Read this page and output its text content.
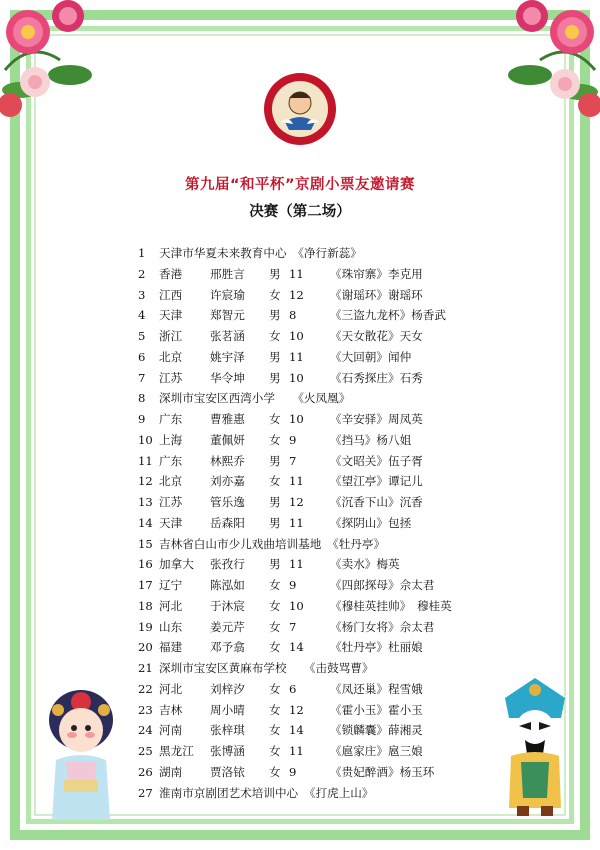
第九届“和平杯”京剧小票友邀请赛
决赛（第二场）
1	天津市华夏未来教育中心　《净行新蕊》
2	香港 邢胜言 男 11 《珠帘寨》李克用
3	江西 许宸瑜 女 12 《谢瑶环》谢瑶环
4	天津 郑智元 男 8	《三盗九龙杯》杨香武
5	浙江 张茗涵 女 10 《天女散花》天女
6	北京 姚宇泽 男 11 《大回朝》闻仲
7	江苏 华令坤 男 10 《石秀探庄》石秀
8	深圳市宝安区西湾小学　　《火凤凰》
9	广东 曹雅惠 女 10 《辛安驿》周凤英
10 上海 董佩妍 女 9	《挡马》杨八姐
11 广东 林熙乔 男 7	《文昭关》伍子胥
12 北京 刘亦嘉 女 11 《望江亭》谭记儿
13 江苏 管乐逸 男 12 《沉香下山》沉香
14 天津 岳森阳 男 11 《探阴山》包拯
15 吉林省白山市少儿戏曲培训基地　《牡丹亭》
16 加拿大 张孜行 男 11 《卖水》梅英
17 辽宁 陈泓如 女 9	《四郎探母》佘太君
18 河北 于沐宸 女 10 《穆桂英挂帅》　穆桂英
19 山东 姜元芹 女 7	《杨门女将》佘太君
20 福建 邓予翕 女 14 《牡丹亭》杜丽娘
21 深圳市宝安区黄麻布学校　　《击鼓骂曹》
22 河北 刘梓汐 女 6	《凤还巢》程雪娥
23 吉林 周小晴 女 12 《霍小玉》霍小玉
24 河南 张梓琪 女 14 《锁麟囊》薛湘灵
25 黑龙江 张博涵 女 11 《扈家庄》扈三娘
26 湖南 贾洛铱 女 9	《贵妃醉酒》杨玉环
27 淮南市京剧团艺术培训中心　《打虎上山》
